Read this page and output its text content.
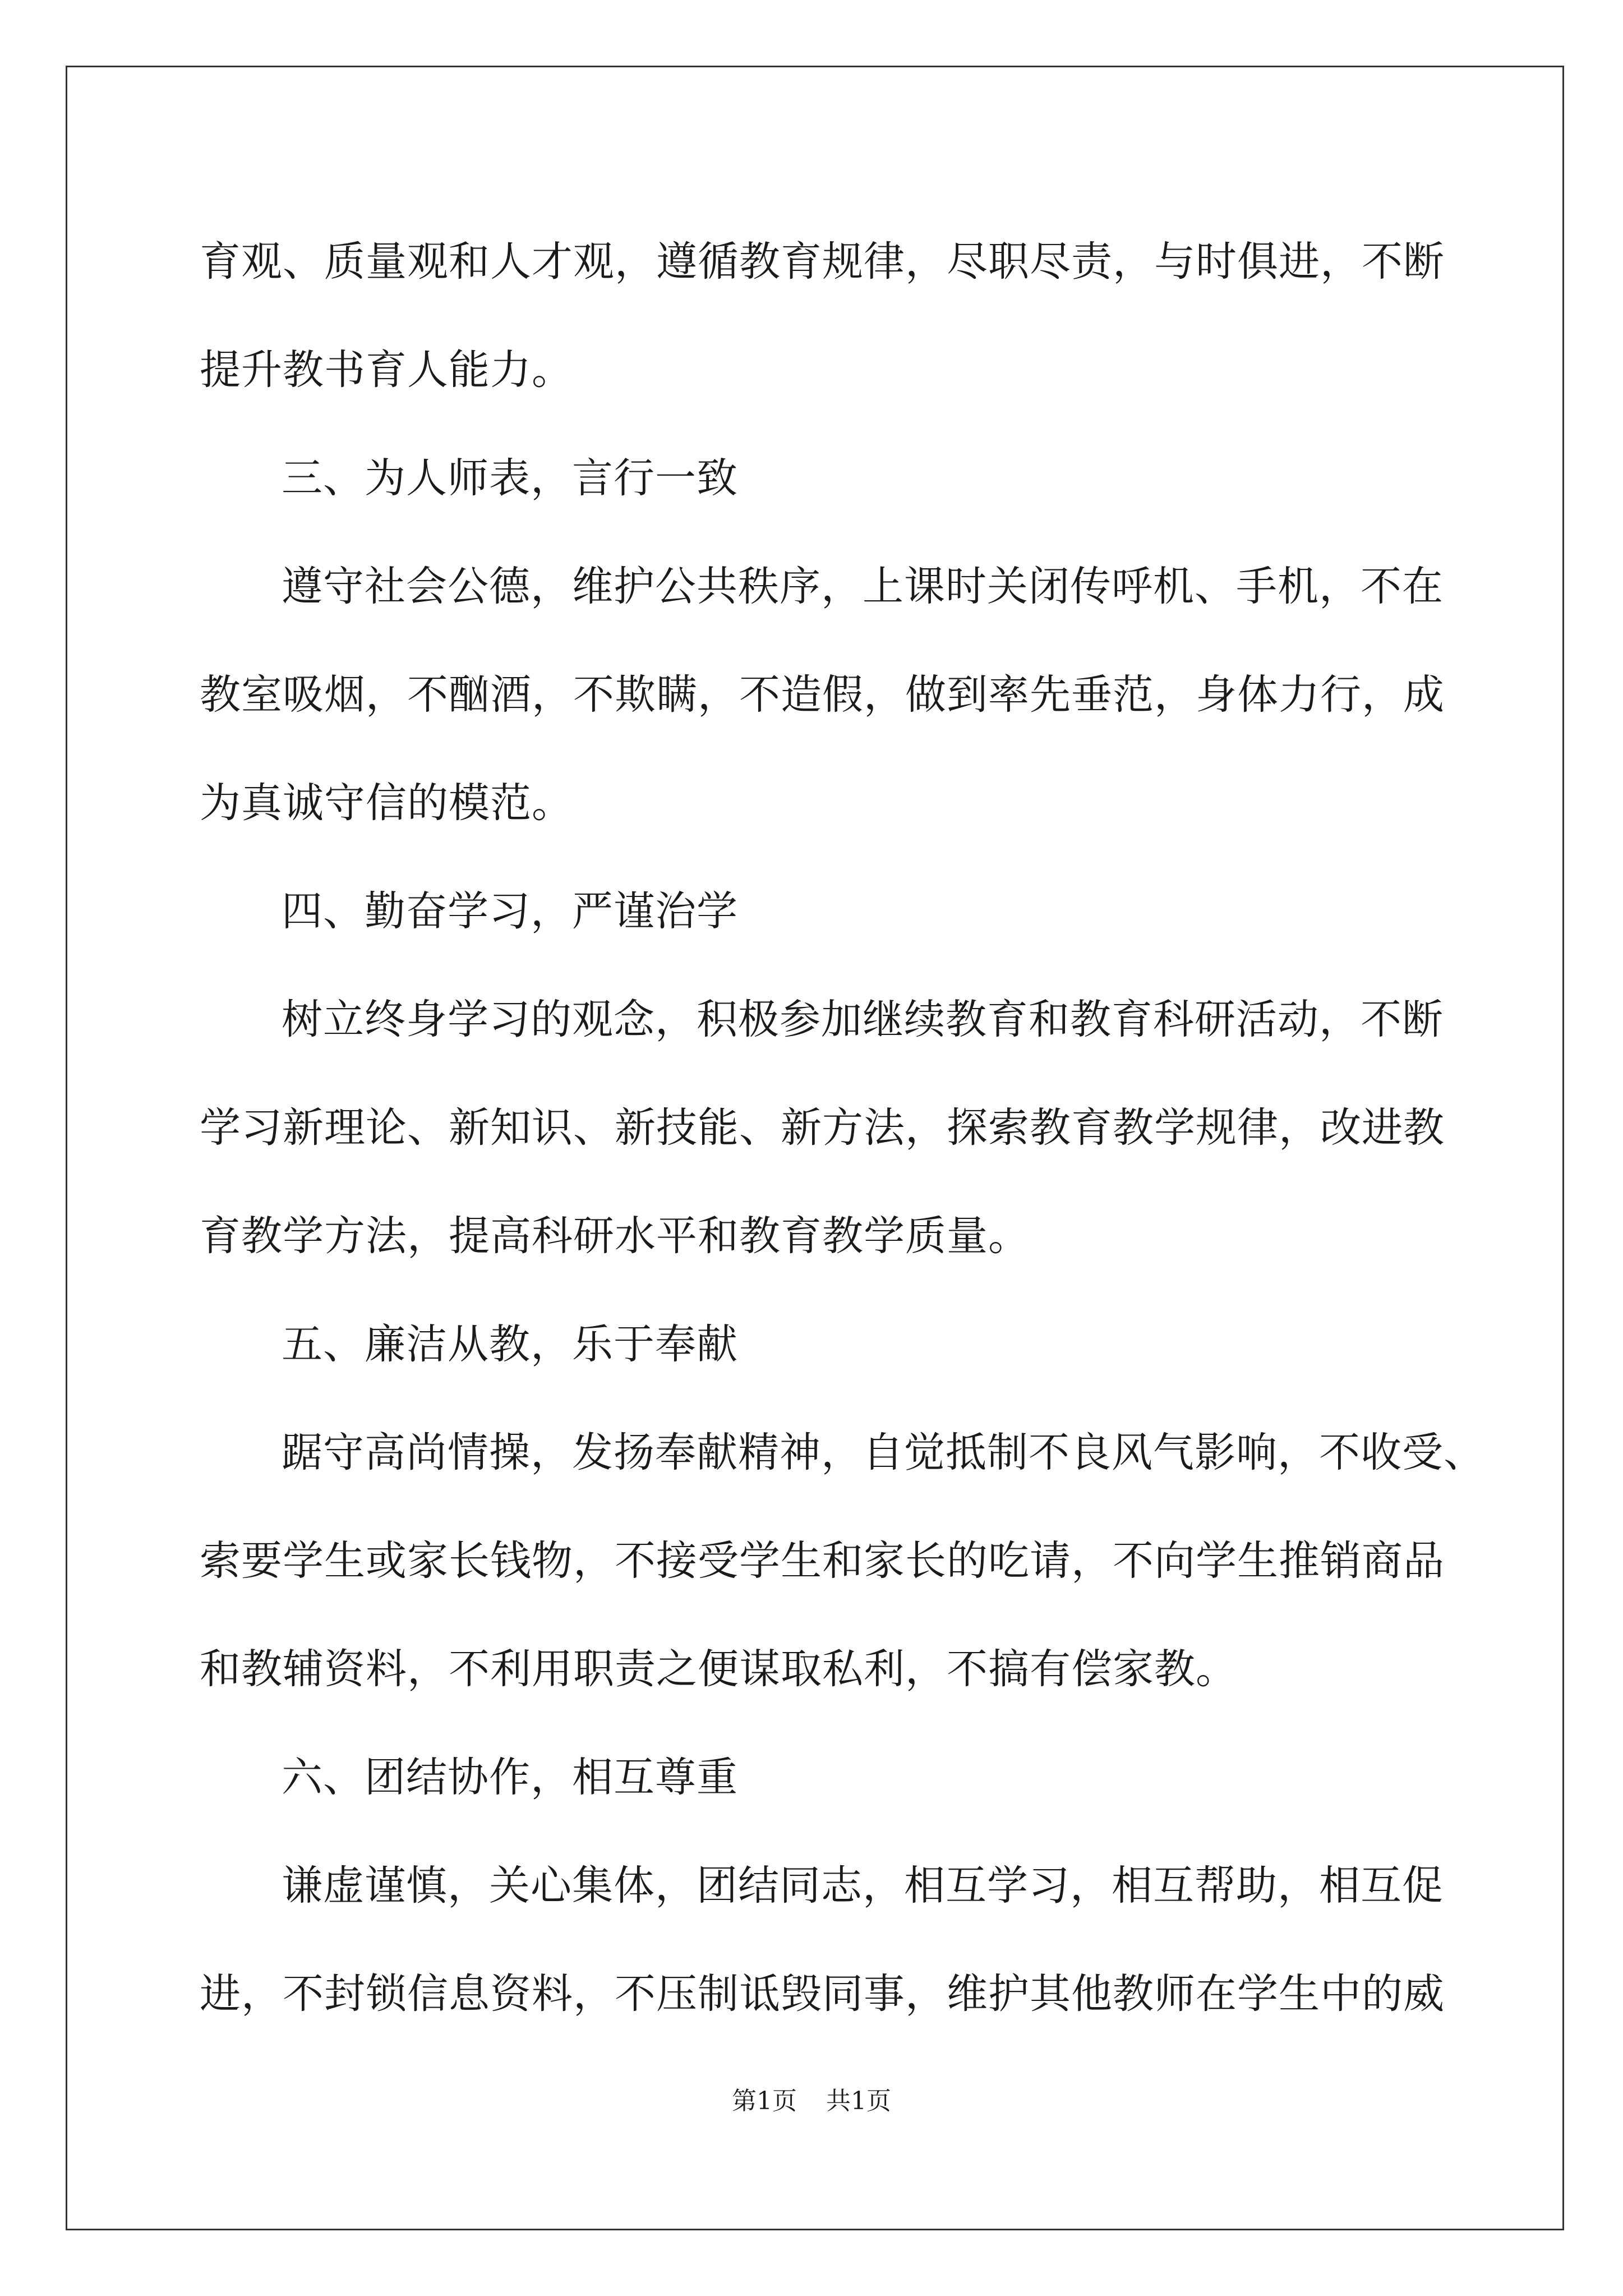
育观、质量观和人才观，遵循教育规律，尽职尽责，与时俱进，不断
提升教书育人能力。

三、为人师表，言行一致

遵守社会公德，维护公共秩序，上课时关闭传呼机、手机，不在
教室吸烟，不酗酒，不欺瞒，不造假，做到率先垂范，身体力行，成
为真诚守信的模范。

四、勤奋学习，严谨治学

树立终身学习的观念，积极参加继续教育和教育科研活动，不断
学习新理论、新知识、新技能、新方法，探索教育教学规律，改进教
育教学方法，提高科研水平和教育教学质量。

五、廉洁从教，乐于奉献

踞守高尚情操，发扬奉献精神，自觉抵制不良风气影响，不收受、
索要学生或家长钱物，不接受学生和家长的吃请，不向学生推销商品
和教辅资料，不利用职责之便谋取私利，不搞有偿家教。

六、团结协作，相互尊重

谦虚谨慎，关心集体，团结同志，相互学习，相互帮助，相互促
进，不封锁信息资料，不压制诋毁同事，维护其他教师在学生中的威

第1页 共1页
